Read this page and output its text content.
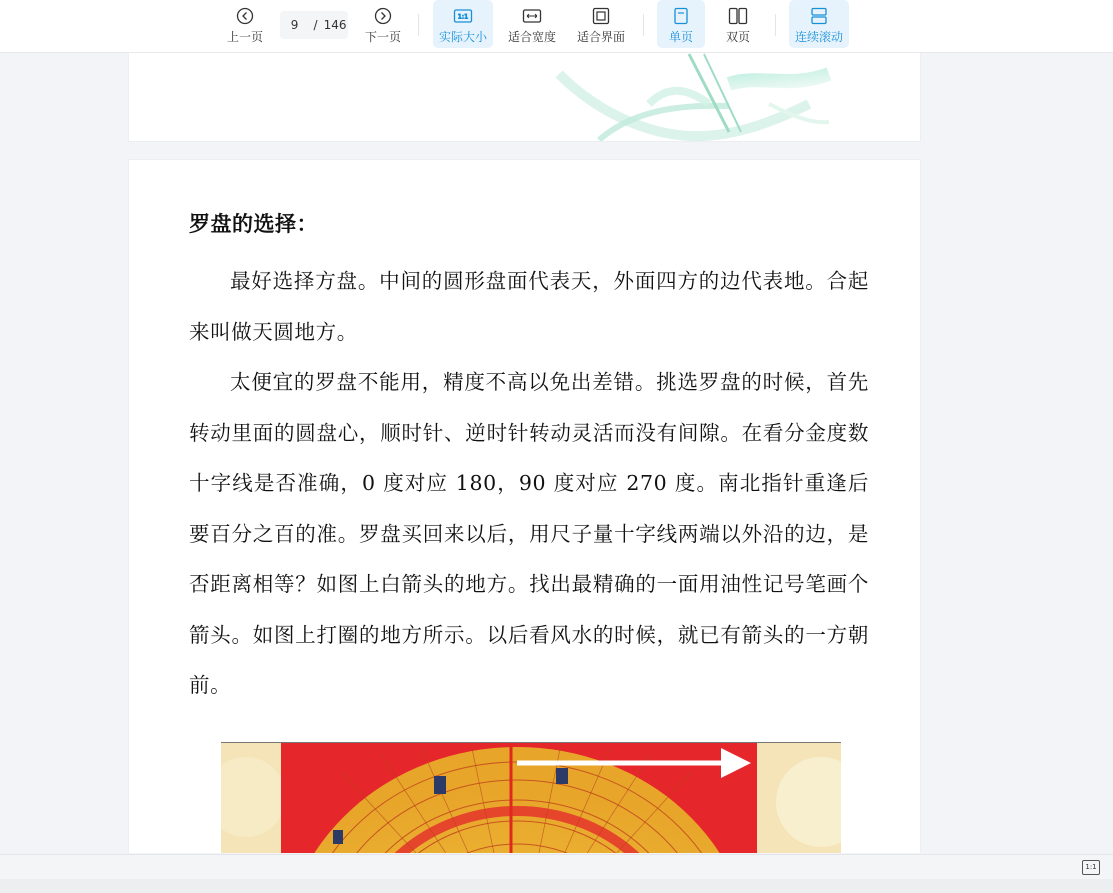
上一页
9	/ 146
下一页
1:1
实际大小 适合宽度 适合界面	单页	双页	连续滚动

罗盘的选择：

最好选择方盘。中间的圆形盘面代表天，外面四方的边代表地。合起来叫做天圆地方。

太便宜的罗盘不能用，精度不高以免出差错。挑选罗盘的时候，首先转动里面的圆盘心，顺时针、逆时针转动灵活而没有间隙。在看分金度数十字线是否准确，0 度对应 180，90 度对应 270 度。南北指针重逢后要百分之百的准。罗盘买回来以后，用尺子量十字线两端以外沿的边，是否距离相等？如图上白箭头的地方。找出最精确的一面用油性记号笔画个箭头。如图上打圈的地方所示。以后看风水的时候，就已有箭头的一方朝前。

1:1
